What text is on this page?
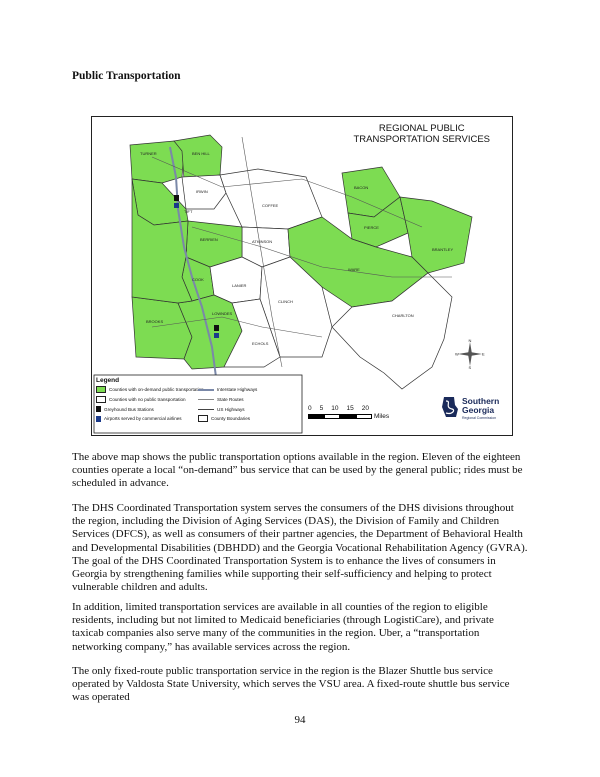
Public Transportation
TURNER	BEN HILL
IRWIN
TIFT
COFFEE
BACON
PIERCE
BRANTLEY
ATKINSON
BERRIEN
COOK
WARE
LANIER
CLINCH
CHARLTON
BROOKS
LOWNDES
ECHOLS
REGIONAL PUBLIC
TRANSPORTATION SERVICES
Legend
Counties with on-demand public transportation	Interstate Highways
Counties with no public transportation	State Routes
Greyhound Bus Stations	US Highways
Airports served by commercial airlines	County Boundaries
0 5 10 15 20
Miles
N
S
E
W
Southern
Georgia
Regional Commission

The above map shows the public transportation options available in the region. Eleven of the eighteen counties operate a local “on-demand” bus service that can be used by the general public; rides must be scheduled in advance.

The DHS Coordinated Transportation system serves the consumers of the DHS divisions throughout the region, including the Division of Aging Services (DAS), the Division of Family and Children Services (DFCS), as well as consumers of their partner agencies, the Department of Behavioral Health and Developmental Disabilities (DBHDD) and the Georgia Vocational Rehabilitation Agency (GVRA). The goal of the DHS Coordinated Transportation System is to enhance the lives of consumers in Georgia by strengthening families while supporting their self-sufficiency and helping to protect vulnerable children and adults.

In addition, limited transportation services are available in all counties of the region to eligible residents, including but not limited to Medicaid beneficiaries (through LogistiCare), and private taxicab companies also serve many of the communities in the region. Uber, a “transportation networking company,” has available services across the region.

The only fixed-route public transportation service in the region is the Blazer Shuttle bus service operated by Valdosta State University, which serves the VSU area. A fixed-route shuttle bus service was operated

94
